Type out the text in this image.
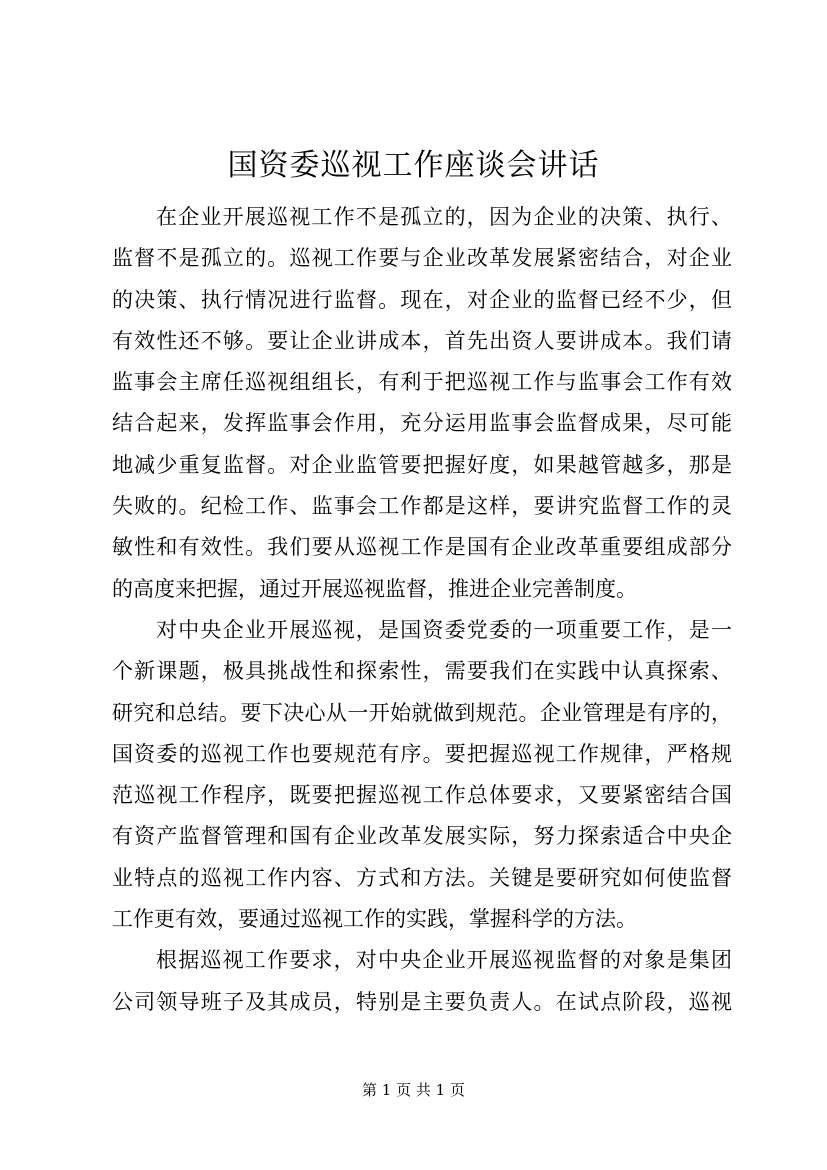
国资委巡视工作座谈会讲话
在企业开展巡视工作不是孤立的，因为企业的决策、执行、
监督不是孤立的。巡视工作要与企业改革发展紧密结合，对企业
的决策、执行情况进行监督。现在，对企业的监督已经不少，但
有效性还不够。要让企业讲成本，首先出资人要讲成本。我们请
监事会主席任巡视组组长，有利于把巡视工作与监事会工作有效
结合起来，发挥监事会作用，充分运用监事会监督成果，尽可能
地减少重复监督。对企业监管要把握好度，如果越管越多，那是
失败的。纪检工作、监事会工作都是这样，要讲究监督工作的灵
敏性和有效性。我们要从巡视工作是国有企业改革重要组成部分
的高度来把握，通过开展巡视监督，推进企业完善制度。
对中央企业开展巡视，是国资委党委的一项重要工作，是一
个新课题，极具挑战性和探索性，需要我们在实践中认真探索、
研究和总结。要下决心从一开始就做到规范。企业管理是有序的，
国资委的巡视工作也要规范有序。要把握巡视工作规律，严格规
范巡视工作程序，既要把握巡视工作总体要求，又要紧密结合国
有资产监督管理和国有企业改革发展实际，努力探索适合中央企
业特点的巡视工作内容、方式和方法。关键是要研究如何使监督
工作更有效，要通过巡视工作的实践，掌握科学的方法。
根据巡视工作要求，对中央企业开展巡视监督的对象是集团
公司领导班子及其成员，特别是主要负责人。在试点阶段，巡视
第 1 页 共 1 页
